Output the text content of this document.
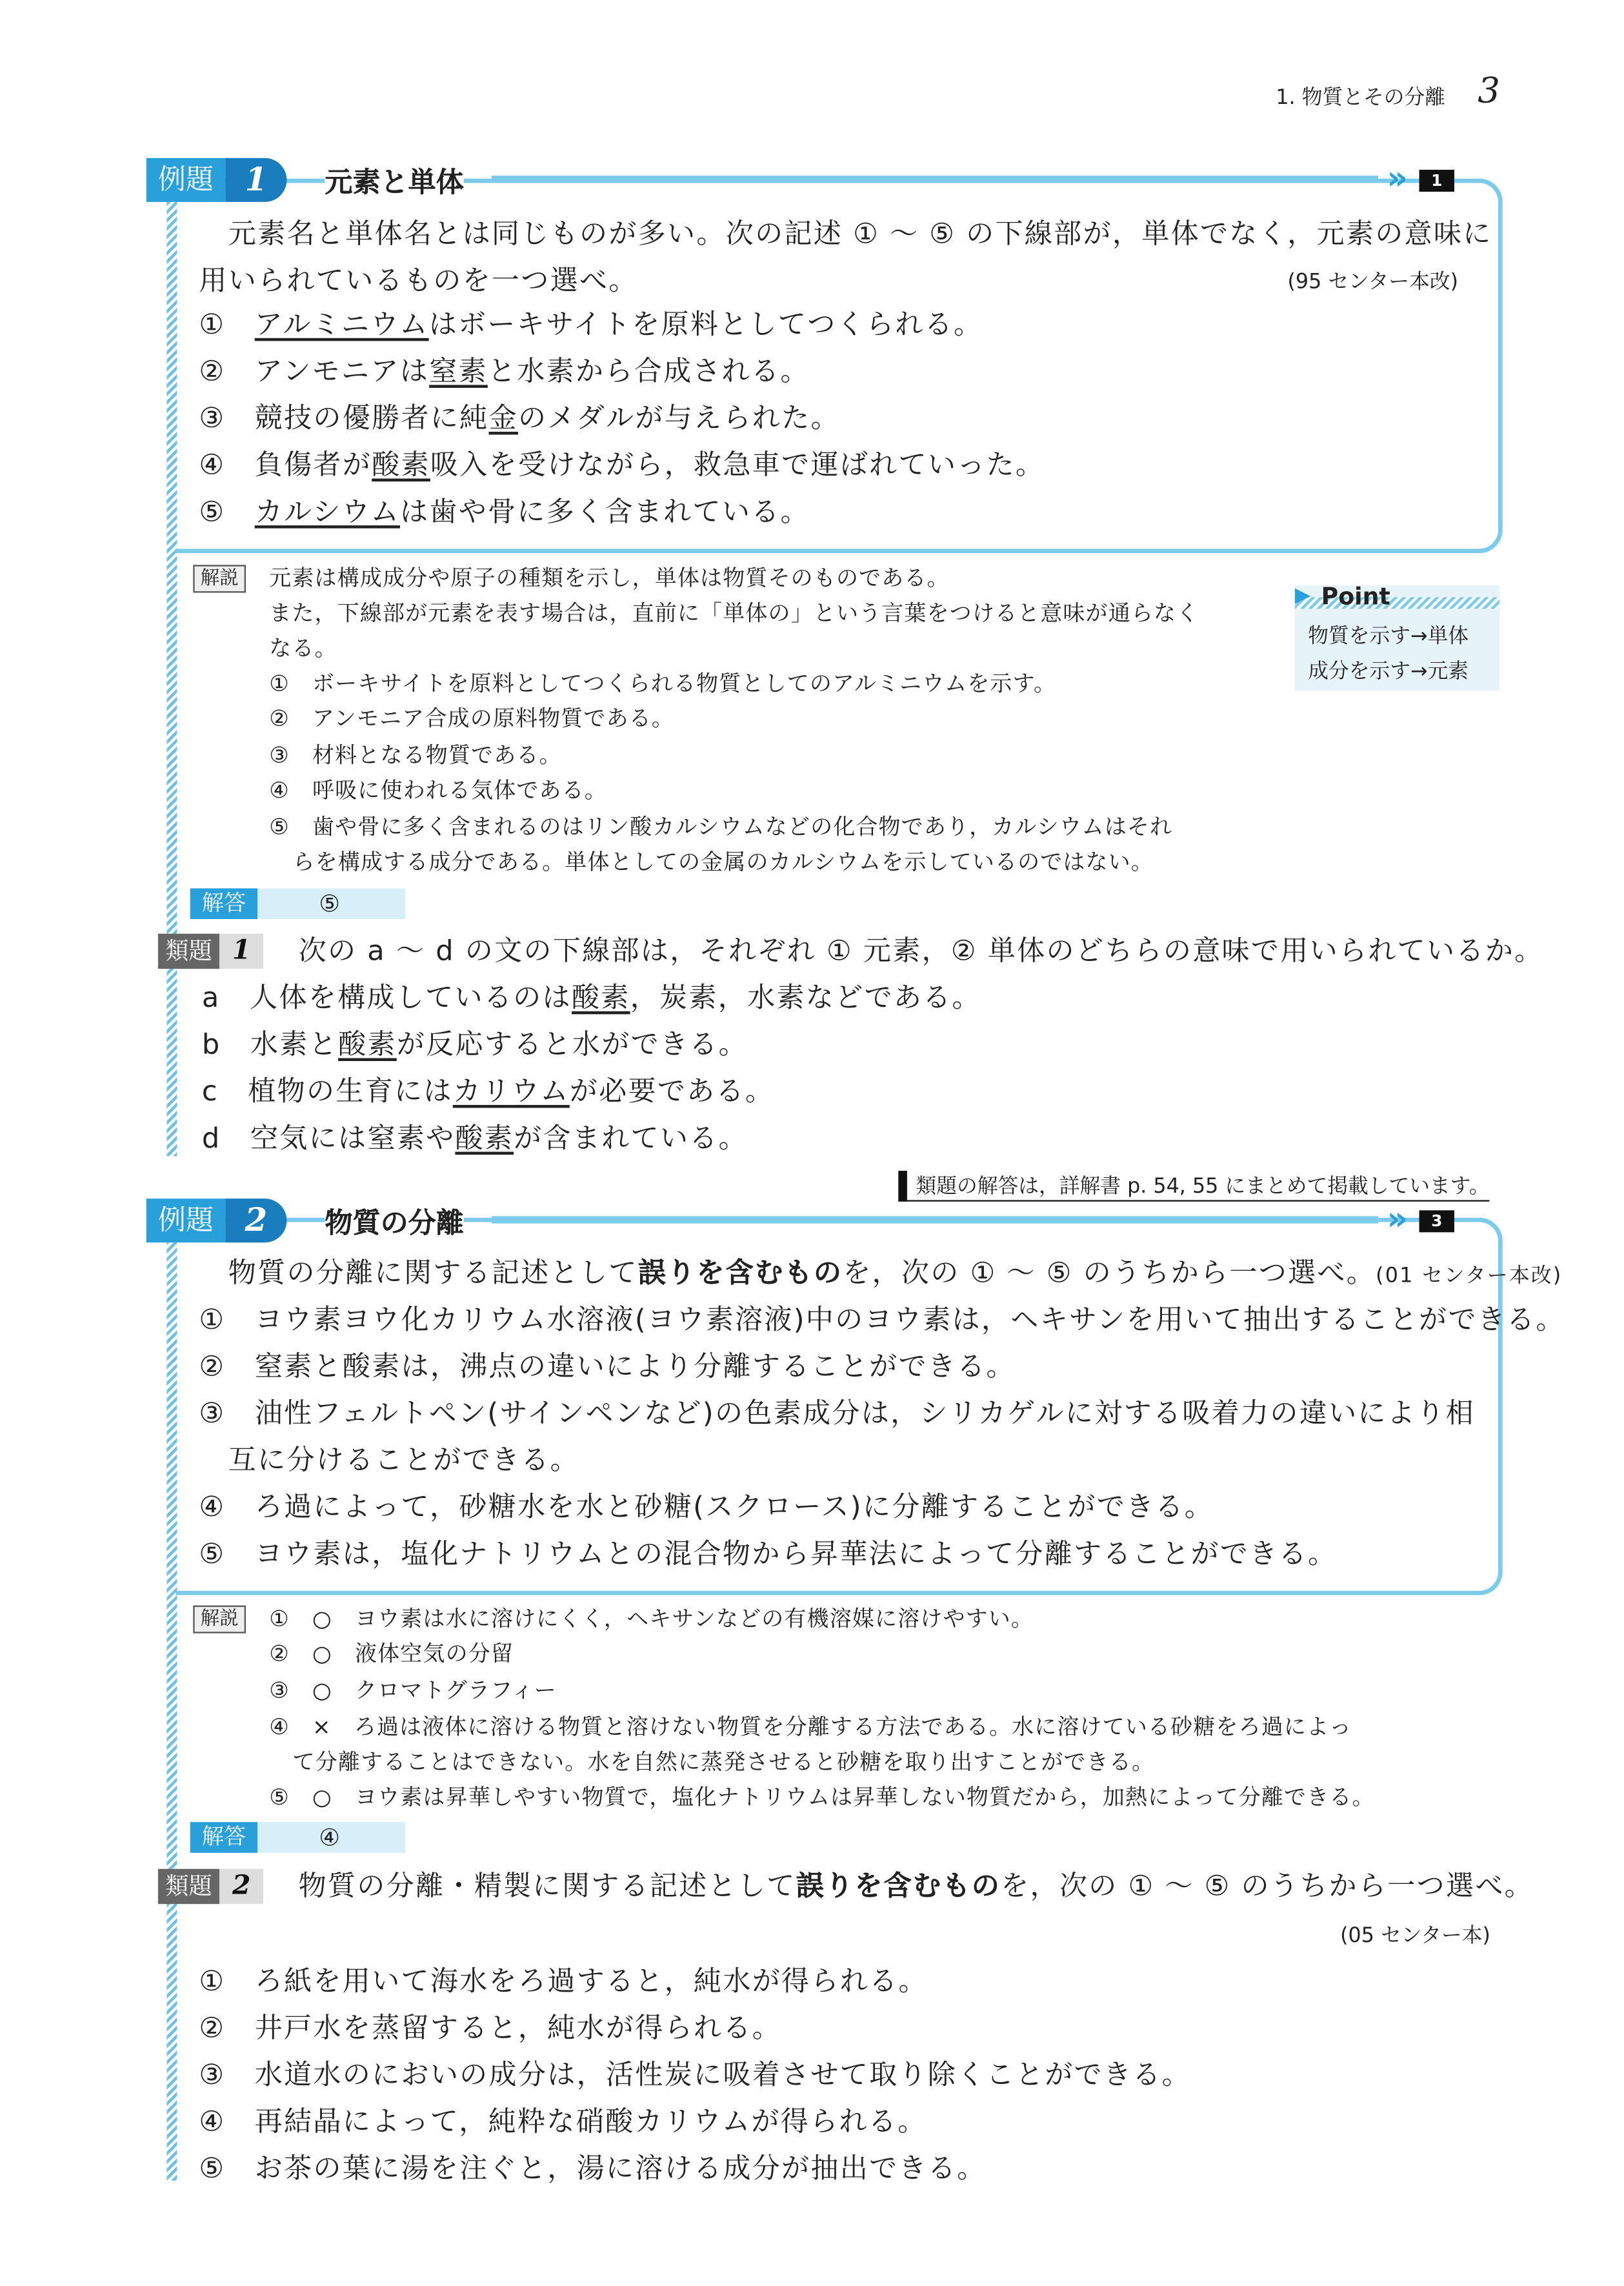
1. 物質とその分離 3
例題	1	元素と単体	»	1
元素名と単体名とは同じものが多い。次の記述 ① ～ ⑤ の下線部が，単体でなく，元素の意味に
用いられているものを一つ選べ。	(95 センター本改)
①　 アルミニウムはボーキサイトを原料としてつくられる。
②　 アンモニアは窒素と水素から合成される。
③　 競技の優勝者に純金のメダルが与えられた。
④　 負傷者が酸素吸入を受けながら，救急車で運ばれていった。
⑤　 カルシウムは歯や骨に多く含まれている。
解説	元素は構成成分や原子の種類を示し，単体は物質そのものである。
また，下線部が元素を表す場合は，直前に「単体の」という言葉をつけると意味が通らなく
なる。
①　ボーキサイトを原料としてつくられる物質としてのアルミニウムを示す。
②　アンモニア合成の原料物質である。
③　材料となる物質である。
④　呼吸に使われる気体である。
⑤　歯や骨に多く含まれるのはリン酸カルシウムなどの化合物であり，カルシウムはそれ
らを構成する成分である。単体としての金属のカルシウムを示しているのではない。
▶ Point
物質を示す→単体
成分を示す→元素
解答	⑤
類題	1	次の a ～ d の文の下線部は，それぞれ ① 元素，② 単体のどちらの意味で用いられているか。
a　 人体を構成しているのは酸素，炭素，水素などである。
b　 水素と酸素が反応すると水ができる。
c　 植物の生育にはカリウムが必要である。
d　 空気には窒素や酸素が含まれている。
類題の解答は，詳解書 p. 54, 55 にまとめて掲載しています。
例題	2	物質の分離	»	3
物質の分離に関する記述として誤りを含むものを，次の ① ～ ⑤ のうちから一つ選べ。(01 センター本改)
①　 ヨウ素ヨウ化カリウム水溶液(ヨウ素溶液)中のヨウ素は，ヘキサンを用いて抽出することができる。
②　 窒素と酸素は，沸点の違いにより分離することができる。
③　 油性フェルトペン(サインペンなど)の色素成分は，シリカゲルに対する吸着力の違いにより相
互に分けることができる。
④　 ろ過によって，砂糖水を水と砂糖(スクロース)に分離することができる。
⑤　 ヨウ素は，塩化ナトリウムとの混合物から昇華法によって分離することができる。
解説	①　○　ヨウ素は水に溶けにくく，ヘキサンなどの有機溶媒に溶けやすい。
②　○　液体空気の分留
③　○　クロマトグラフィー
④　×　ろ過は液体に溶ける物質と溶けない物質を分離する方法である。水に溶けている砂糖をろ過によっ
て分離することはできない。水を自然に蒸発させると砂糖を取り出すことができる。
⑤　○　ヨウ素は昇華しやすい物質で，塩化ナトリウムは昇華しない物質だから，加熱によって分離できる。
解答	④
類題	2	物質の分離・精製に関する記述として誤りを含むものを，次の ① ～ ⑤ のうちから一つ選べ。
(05 センター本)
①　 ろ紙を用いて海水をろ過すると，純水が得られる。
②　 井戸水を蒸留すると，純水が得られる。
③　 水道水のにおいの成分は，活性炭に吸着させて取り除くことができる。
④　 再結晶によって，純粋な硝酸カリウムが得られる。
⑤　 お茶の葉に湯を注ぐと，湯に溶ける成分が抽出できる。
